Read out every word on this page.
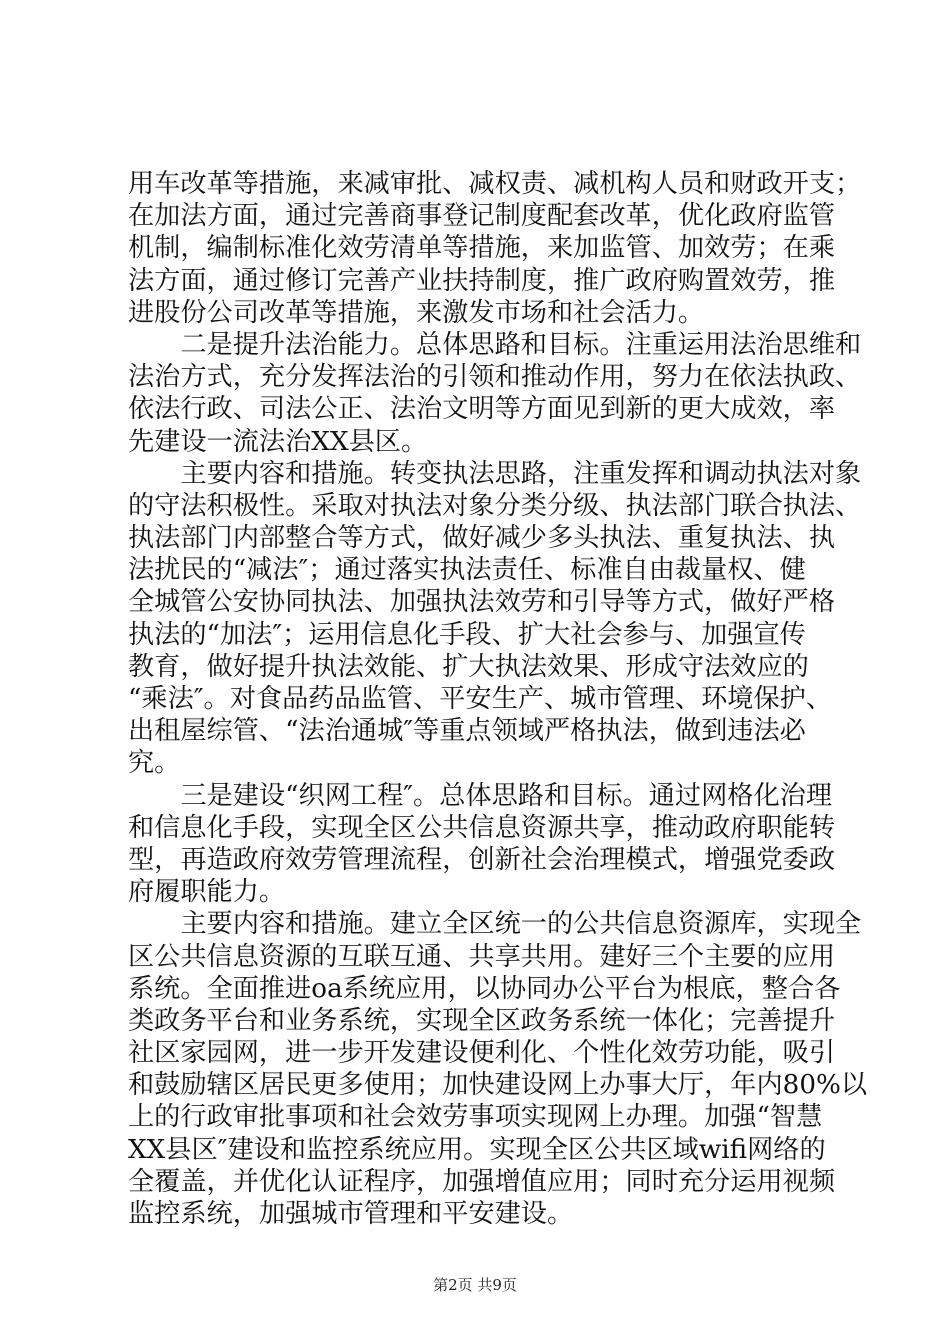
用车改革等措施，来减审批、减权责、减机构人员和财政开支；
在加法方面，通过完善商事登记制度配套改革，优化政府监管
机制，编制标准化效劳清单等措施，来加监管、加效劳；在乘
法方面，通过修订完善产业扶持制度，推广政府购置效劳，推
进股份公司改革等措施，来激发市场和社会活力。
　　二是提升法治能力。总体思路和目标。注重运用法治思维和
法治方式，充分发挥法治的引领和推动作用，努力在依法执政、
依法行政、司法公正、法治文明等方面见到新的更大成效，率
先建设一流法治XX县区。
　　主要内容和措施。转变执法思路，注重发挥和调动执法对象
的守法积极性。采取对执法对象分类分级、执法部门联合执法、
执法部门内部整合等方式，做好减少多头执法、重复执法、执
法扰民的“减法″；通过落实执法责任、标准自由裁量权、健
全城管公安协同执法、加强执法效劳和引导等方式，做好严格
执法的“加法″；运用信息化手段、扩大社会参与、加强宣传
教育，做好提升执法效能、扩大执法效果、形成守法效应的
“乘法″。对食品药品监管、平安生产、城市管理、环境保护、
出租屋综管、“法治通城″等重点领域严格执法，做到违法必
究。
　　三是建设“织网工程″。总体思路和目标。通过网格化治理
和信息化手段，实现全区公共信息资源共享，推动政府职能转
型，再造政府效劳管理流程，创新社会治理模式，增强党委政
府履职能力。
　　主要内容和措施。建立全区统一的公共信息资源库，实现全
区公共信息资源的互联互通、共享共用。建好三个主要的应用
系统。全面推进oa系统应用，以协同办公平台为根底，整合各
类政务平台和业务系统，实现全区政务系统一体化；完善提升
社区家园网，进一步开发建设便利化、个性化效劳功能，吸引
和鼓励辖区居民更多使用；加快建设网上办事大厅，年内80%以
上的行政审批事项和社会效劳事项实现网上办理。加强“智慧
XX县区″建设和监控系统应用。实现全区公共区域wifi网络的
全覆盖，并优化认证程序，加强增值应用；同时充分运用视频
监控系统，加强城市管理和平安建设。
第2页 共9页
